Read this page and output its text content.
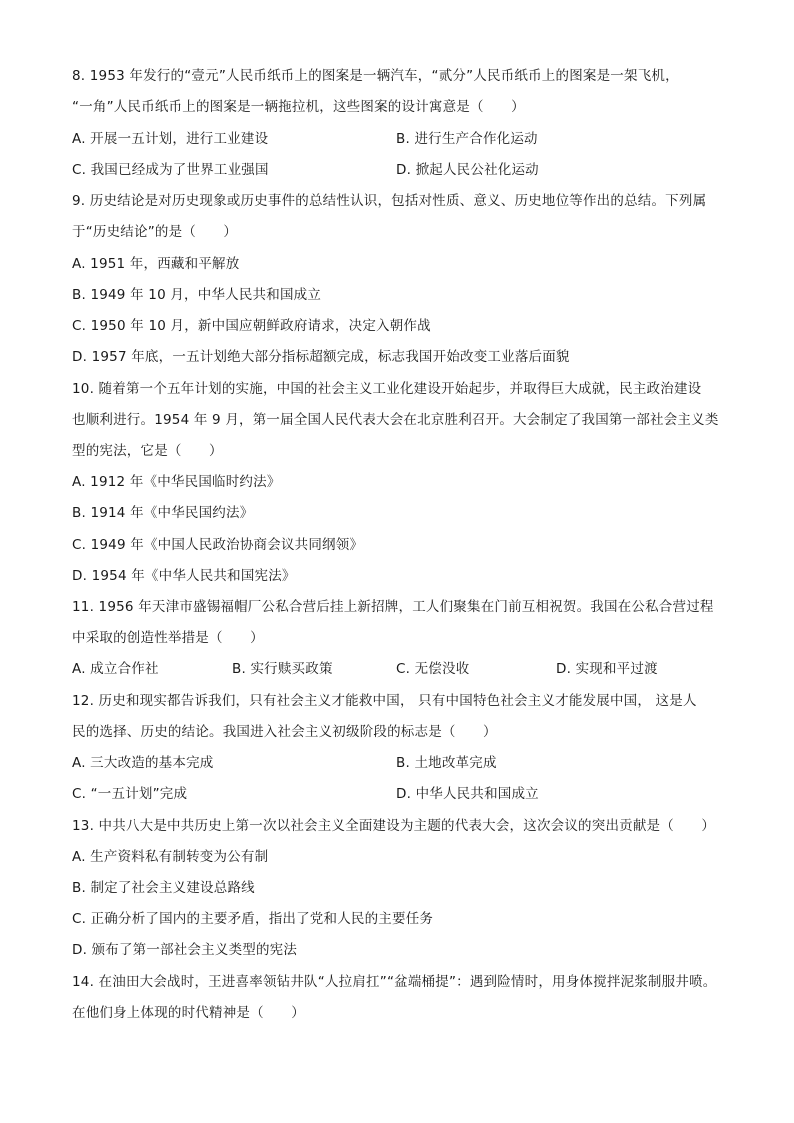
8. 1953 年发行的“壹元”人民币纸币上的图案是一辆汽车，“贰分”人民币纸币上的图案是一架飞机，
“一角”人民币纸币上的图案是一辆拖拉机，这些图案的设计寓意是（　　）
A. 开展一五计划，进行工业建设	B. 进行生产合作化运动
C. 我国已经成为了世界工业强国	D. 掀起人民公社化运动
9. 历史结论是对历史现象或历史事件的总结性认识，包括对性质、意义、历史地位等作出的总结。下列属
于“历史结论”的是（　　）
A. 1951 年，西藏和平解放
B. 1949 年 10 月，中华人民共和国成立
C. 1950 年 10 月，新中国应朝鲜政府请求，决定入朝作战
D. 1957 年底，一五计划绝大部分指标超额完成，标志我国开始改变工业落后面貌
10. 随着第一个五年计划的实施，中国的社会主义工业化建设开始起步，并取得巨大成就，民主政治建设
也顺利进行。1954 年 9 月，第一届全国人民代表大会在北京胜利召开。大会制定了我国第一部社会主义类
型的宪法，它是（　　）
A. 1912 年《中华民国临时约法》
B. 1914 年《中华民国约法》
C. 1949 年《中国人民政治协商会议共同纲领》
D. 1954 年《中华人民共和国宪法》
11. 1956 年天津市盛锡福帽厂公私合营后挂上新招牌，工人们聚集在门前互相祝贺。我国在公私合营过程
中采取的创造性举措是（　　）
A. 成立合作社	B. 实行赎买政策	C. 无偿没收	D. 实现和平过渡
12. 历史和现实都告诉我们，只有社会主义才能救中国， 只有中国特色社会主义才能发展中国， 这是人
民的选择、历史的结论。我国进入社会主义初级阶段的标志是（　　）
A. 三大改造的基本完成	B. 土地改革完成
C. “一五计划”完成	D. 中华人民共和国成立
13. 中共八大是中共历史上第一次以社会主义全面建设为主题的代表大会，这次会议的突出贡献是（　　）
A. 生产资料私有制转变为公有制
B. 制定了社会主义建设总路线
C. 正确分析了国内的主要矛盾，指出了党和人民的主要任务
D. 颁布了第一部社会主义类型的宪法
14. 在油田大会战时，王进喜率领钻井队“人拉肩扛”“盆端桶提”：遇到险情时，用身体搅拌泥浆制服井喷。
在他们身上体现的时代精神是（　　）
